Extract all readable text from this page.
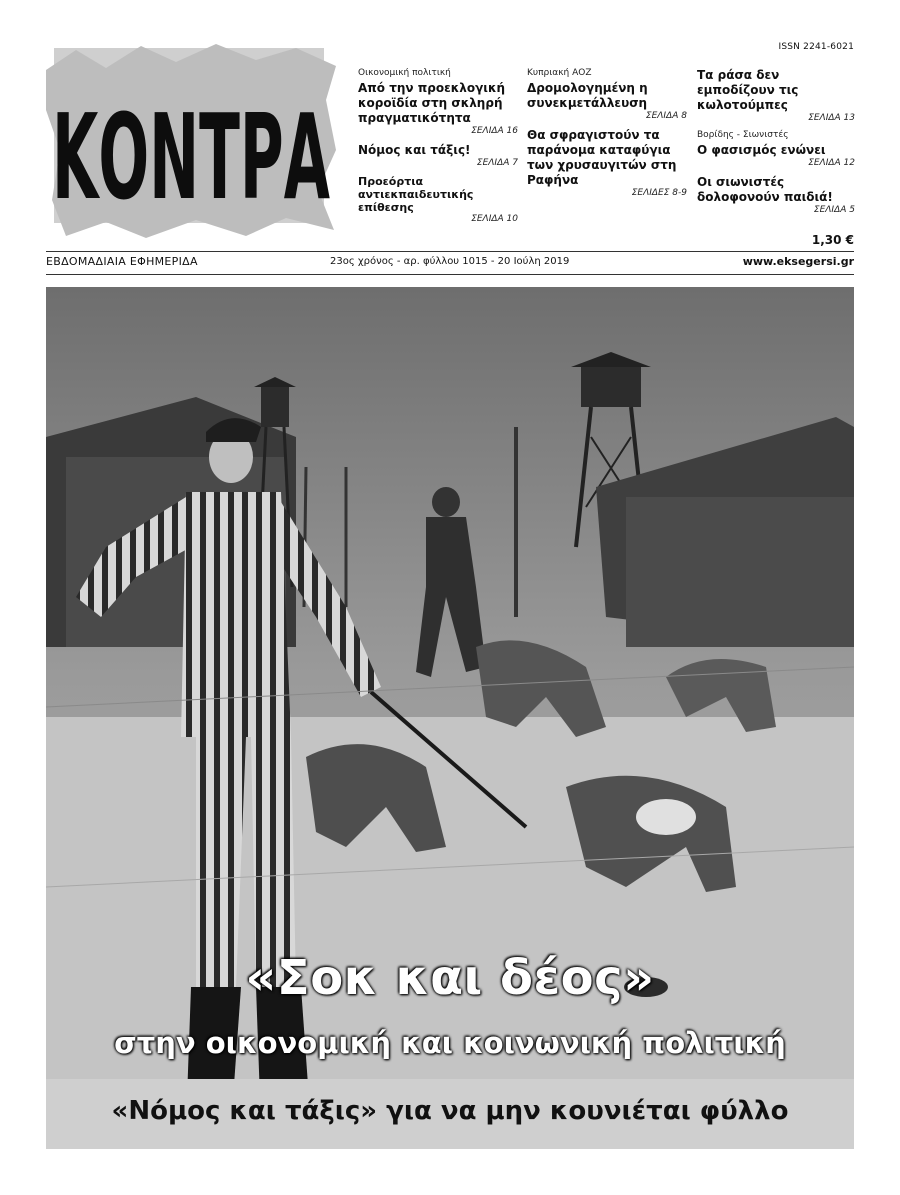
ΚΟΝΤΡΑ
ISSN 2241-6021

Οικονομική πολιτική

Από την προεκλογική κοροϊδία στη σκληρή πραγματικότητα

ΣΕΛΙΔΑ 16

Νόμος και τάξις!

ΣΕΛΙΔΑ 7

Προεόρτια αντιεκπαιδευτικής επίθεσης

ΣΕΛΙΔΑ 10

Κυπριακή ΑΟΖ

Δρομολογημένη η συνεκμετάλλευση

ΣΕΛΙΔΑ 8

Θα σφραγιστούν τα παράνομα καταφύγια των χρυσαυγιτών στη Ραφήνα

ΣΕΛΙΔΕΣ 8-9

Τα ράσα δεν εμποδίζουν τις κωλοτούμπες

ΣΕΛΙΔΑ 13

Βορίδης - Σιωνιστές

Ο φασισμός ενώνει

ΣΕΛΙΔΑ 12

Οι σιωνιστές δολοφονούν παιδιά!

ΣΕΛΙΔΑ 5

1,30 €
ΕΒΔΟΜΑΔΙΑΙΑ ΕΦΗΜΕΡΙΔΑ	23ος χρόνος - αρ. φύλλου 1015 - 20 Ιούλη 2019	www.eksegersi.gr
«Σοκ και δέος»
στην οικονομική και κοινωνική πολιτική
«Νόμος και τάξις» για να μην κουνιέται φύλλο
